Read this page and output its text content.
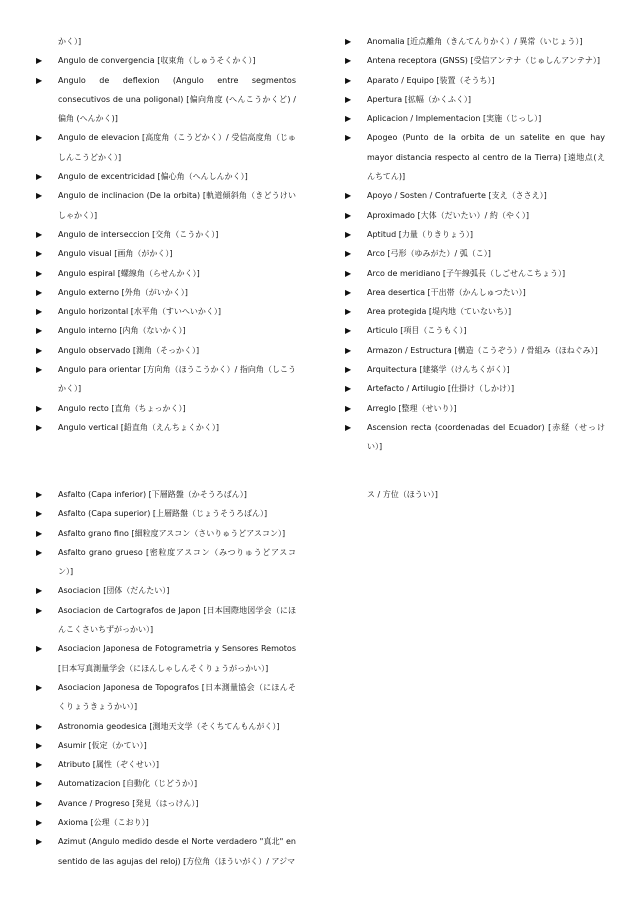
かく）]
▶ Angulo de convergencia [収束角（しゅうそくかく）]
▶ Angulo de deflexion (Angulo entre segmentos consecutivos de una poligonal) [偏向角度 (へんこうかくど) / 偏角 (へんかく)]
▶ Angulo de elevacion [高度角（こうどかく）/ 受信高度角（じゅしんこうどかく）]
▶ Angulo de excentricidad [偏心角（へんしんかく）]
▶ Angulo de inclinacion (De la orbita) [軌道傾斜角（きどうけいしゃかく）]
▶ Angulo de interseccion [交角（こうかく）]
▶ Angulo visual [画角（がかく）]
▶ Angulo espiral [螺線角（らせんかく）]
▶ Angulo externo [外角（がいかく）]
▶ Angulo horizontal [水平角（すいへいかく）]
▶ Angulo interno [内角（ないかく）]
▶ Angulo observado [測角（そっかく）]
▶ Angulo para orientar [方向角（ほうこうかく）/ 指向角（しこうかく）]
▶ Angulo recto [直角（ちょっかく）]
▶ Angulo vertical [鉛直角（えんちょくかく）]
▶ Anomalia [近点離角（きんてんりかく）/ 異常（いじょう）]
▶ Antena receptora (GNSS) [受信アンテナ（じゅしんアンテナ）]
▶ Aparato / Equipo [装置（そうち）]
▶ Apertura [拡幅（かくふく）]
▶ Aplicacion / Implementacion [実施（じっし）]
▶ Apogeo (Punto de la orbita de un satelite en que hay mayor distancia respecto al centro de la Tierra) [遠地点(えんちてん)]
▶ Apoyo / Sosten / Contrafuerte [支え（ささえ）]
▶ Aproximado [大体（だいたい）/ 約（やく）]
▶ Aptitud [力量（りきりょう）]
▶ Arco [弓形（ゆみがた）/ 弧（こ）]
▶ Arco de meridiano [子午線弧長（しごせんこちょう）]
▶ Area desertica [干出帯（かんしゅつたい）]
▶ Area protegida [堤内地（ていないち）]
▶ Articulo [項目（こうもく）]
▶ Armazon / Estructura [構造（こうぞう）/ 骨組み（ほねぐみ）]
▶ Arquitectura [建築学（けんちくがく）]
▶ Artefacto / Artilugio [仕掛け（しかけ）]
▶ Arreglo [整理（せいり）]
▶ Ascension recta (coordenadas del Ecuador) [赤経（せっけい）]
▶ Asfalto (Capa inferior) [下層路盤（かそうろばん）]
▶ Asfalto (Capa superior) [上層路盤（じょうそうろばん）]
▶ Asfalto grano fino [細粒度アスコン（さいりゅうどアスコン）]
▶ Asfalto grano grueso [密粒度アスコン（みつりゅうどアスコン）]
▶ Asociacion [団体（だんたい）]
▶ Asociacion de Cartografos de Japon [日本国際地図学会（にほんこくさいちずがっかい）]
▶ Asociacion Japonesa de Fotogrametria y Sensores Remotos [日本写真測量学会（にほんしゃしんそくりょうがっかい）]
▶ Asociacion Japonesa de Topografos [日本測量協会（にほんそくりょうきょうかい）]
▶ Astronomia geodesica [測地天文学（そくちてんもんがく）]
▶ Asumir [仮定（かてい）]
▶ Atributo [属性（ぞくせい）]
▶ Automatizacion [自動化（じどうか）]
▶ Avance / Progreso [発見（はっけん）]
▶ Axioma [公理（こおり）]
▶ Azimut (Angulo medido desde el Norte verdadero "真北" en sentido de las agujas del reloj) [方位角（ほういがく）/ アジマ
ス / 方位（ほうい）]
